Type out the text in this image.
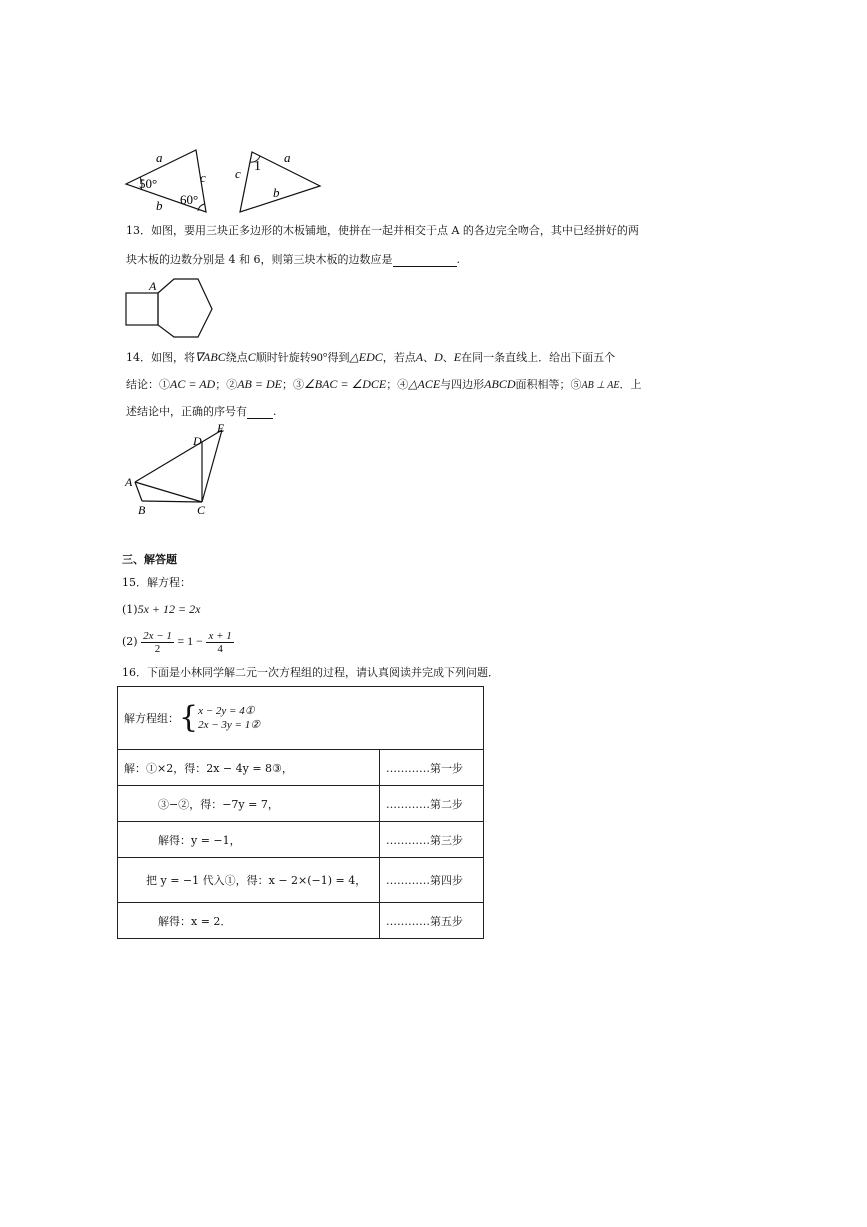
a
c
b
50°
60°
1
a
c
b
13．如图，要用三块正多边形的木板铺地，使拼在一起并相交于点 A 的各边完全吻合，其中已经拼好的两
块木板的边数分别是 4 和 6，则第三块木板的边数应是	.
A
14．如图，将∇ABC绕点C顺时针旋转90°得到△EDC，若点A、D、E在同一条直线上．给出下面五个
结论：①AC = AD；②AB = DE；③∠BAC = ∠DCE；④△ACE与四边形ABCD面积相等；⑤AB ⊥ AE．上
述结论中，正确的序号有 .
A
B	C
D
E
三、解答题
15．解方程：
(1)5x + 12 = 2x
$(2) \frac{2x - 1}{2} = 1 - \frac{x + 1}{4}$
16．下面是小林同学解二元一次方程组的过程，请认真阅读并完成下列问题．
解方程组：{x − 2y = 4①
2x − 3y = 1②	
解：①×2，得：2x − 4y = 8③，	…………第一步
③−②，得：−7y = 7，	…………第二步
解得：y = −1，	…………第三步
把 y = −1 代入①，得：x − 2×(−1) = 4，	…………第四步
解得：x = 2．	…………第五步
